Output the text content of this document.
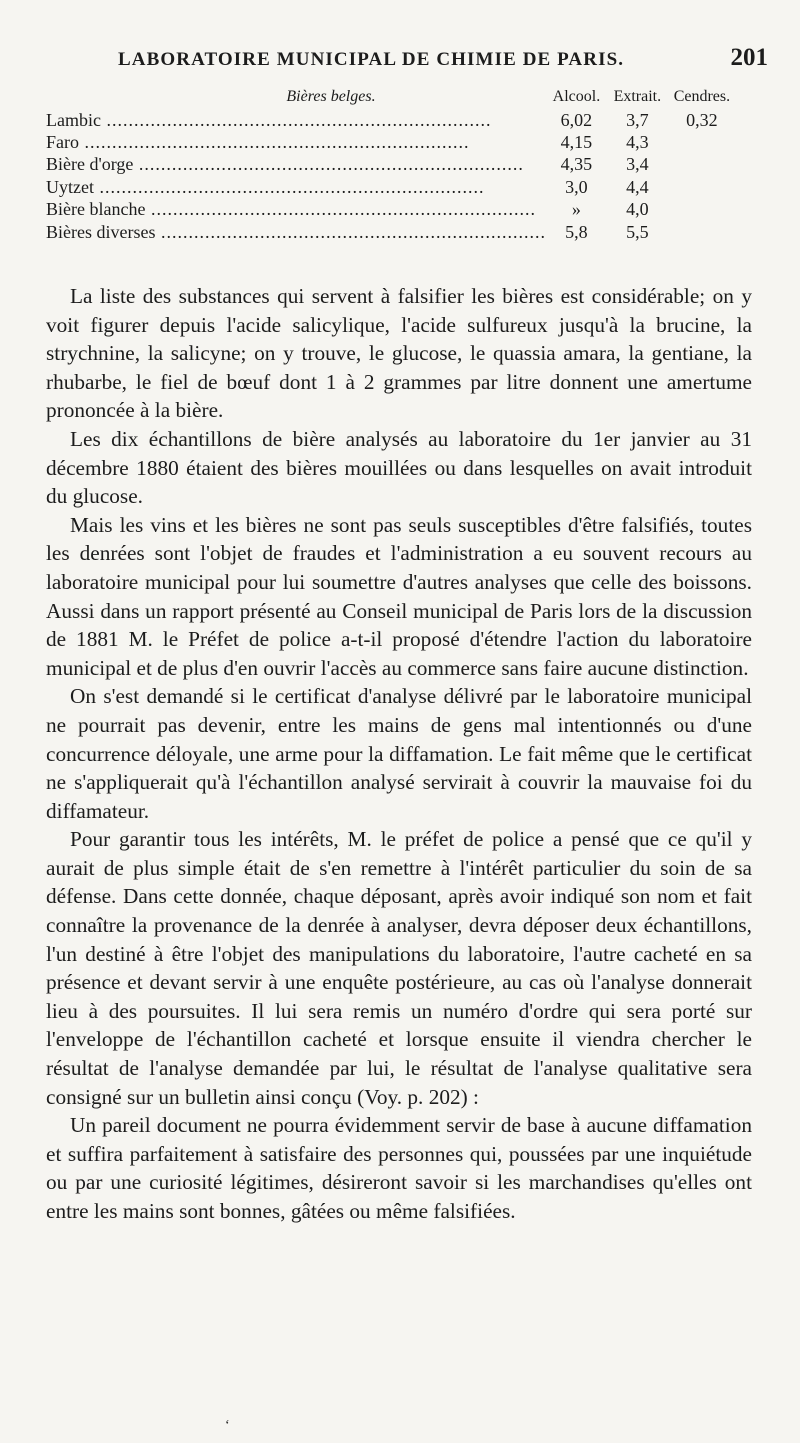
LABORATOIRE MUNICIPAL DE CHIMIE DE PARIS.	201
Bières belges.	Alcool.	Extrait.	Cendres.
Lambic .....	6,02	3,7	0,32
Faro .....	4,15	4,3	
Bière d'orge .....	4,35	3,4	
Uytzet .....	3,0	4,4	
Bière blanche .....	»	4,0	
Bières diverses .....	5,8	5,5	

La liste des substances qui servent à falsifier les bières est considérable; on y voit figurer depuis l'acide salicylique, l'acide sulfureux jusqu'à la brucine, la strychnine, la salicyne; on y trouve, le glucose, le quassia amara, la gentiane, la rhubarbe, le fiel de bœuf dont 1 à 2 grammes par litre donnent une amertume prononcée à la bière.

Les dix échantillons de bière analysés au laboratoire du 1er janvier au 31 décembre 1880 étaient des bières mouillées ou dans lesquelles on avait introduit du glucose.

Mais les vins et les bières ne sont pas seuls susceptibles d'être falsifiés, toutes les denrées sont l'objet de fraudes et l'administration a eu souvent recours au laboratoire municipal pour lui soumettre d'autres analyses que celle des boissons. Aussi dans un rapport présenté au Conseil municipal de Paris lors de la discussion de 1881 M. le Préfet de police a-t-il proposé d'étendre l'action du laboratoire municipal et de plus d'en ouvrir l'accès au commerce sans faire aucune distinction.

On s'est demandé si le certificat d'analyse délivré par le laboratoire municipal ne pourrait pas devenir, entre les mains de gens mal intentionnés ou d'une concurrence déloyale, une arme pour la diffamation. Le fait même que le certificat ne s'appliquerait qu'à l'échantillon analysé servirait à couvrir la mauvaise foi du diffamateur.

Pour garantir tous les intérêts, M. le préfet de police a pensé que ce qu'il y aurait de plus simple était de s'en remettre à l'intérêt particulier du soin de sa défense. Dans cette donnée, chaque déposant, après avoir indiqué son nom et fait connaître la provenance de la denrée à analyser, devra déposer deux échantillons, l'un destiné à être l'objet des manipulations du laboratoire, l'autre cacheté en sa présence et devant servir à une enquête postérieure, au cas où l'analyse donnerait lieu à des poursuites. Il lui sera remis un numéro d'ordre qui sera porté sur l'enveloppe de l'échantillon cacheté et lorsque ensuite il viendra chercher le résultat de l'analyse demandée par lui, le résultat de l'analyse qualitative sera consigné sur un bulletin ainsi conçu (Voy. p. 202) :

Un pareil document ne pourra évidemment servir de base à aucune diffamation et suffira parfaitement à satisfaire des personnes qui, poussées par une inquiétude ou par une curiosité légitimes, désireront savoir si les marchandises qu'elles ont entre les mains sont bonnes, gâtées ou même falsifiées.

‘
